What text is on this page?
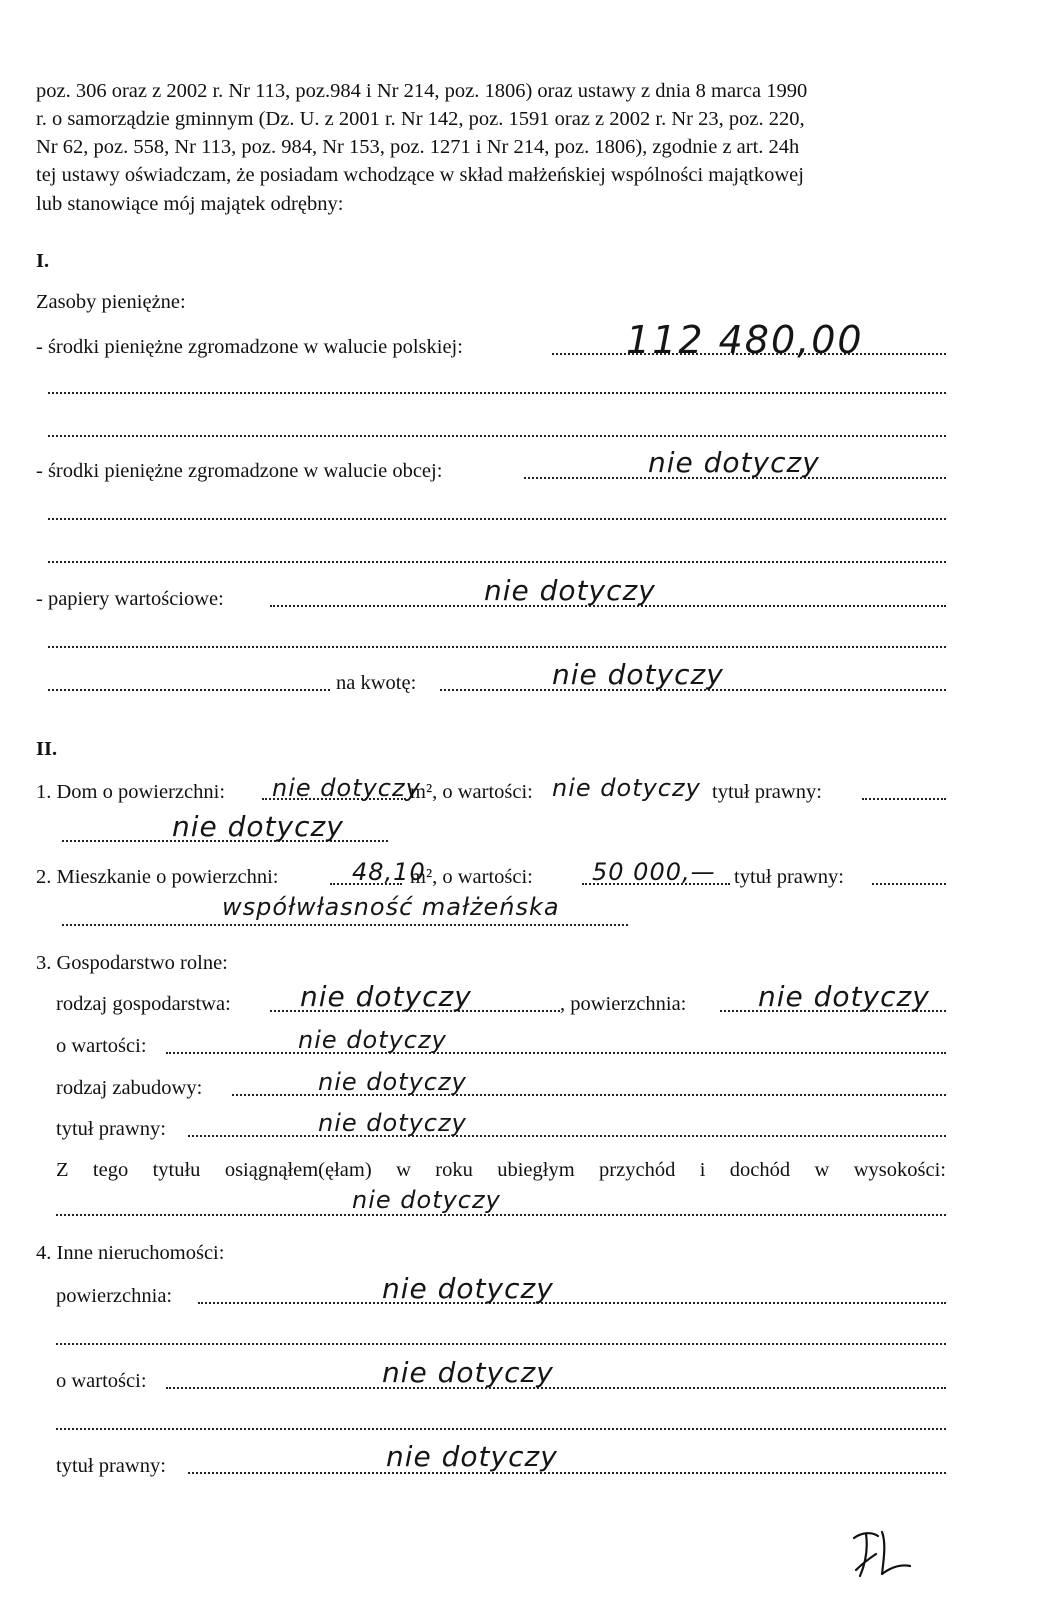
poz. 306 oraz z 2002 r. Nr 113, poz.984 i Nr 214, poz. 1806) oraz ustawy z dnia 8 marca 1990
r. o samorządzie gminnym (Dz. U. z 2001 r. Nr 142, poz. 1591 oraz z 2002 r. Nr 23, poz. 220,
Nr 62, poz. 558, Nr 113, poz. 984, Nr 153, poz. 1271 i Nr 214, poz. 1806), zgodnie z art. 24h
tej ustawy oświadczam, że posiadam wchodzące w skład małżeńskiej wspólności majątkowej
lub stanowiące mój majątek odrębny:
I.
Zasoby pieniężne:
- środki pieniężne zgromadzone w walucie polskiej:	112 480,00
- środki pieniężne zgromadzone w walucie obcej:	nie dotyczy
- papiery wartościowe:	nie dotyczy
na kwotę:	nie dotyczy
II.
1. Dom o powierzchni: nie dotyczy
m², o wartości: nie dotyczy tytuł prawny:
nie dotyczy
2. Mieszkanie o powierzchni:	48,10
m², o wartości: 50 000,— tytuł prawny:
współwłasność małżeńska
3. Gospodarstwo rolne:
rodzaj gospodarstwa: nie dotyczy	, powierzchnia:	nie dotyczy
o wartości:	nie dotyczy
rodzaj zabudowy:	nie dotyczy
tytuł prawny:	nie dotyczy
Z tego tytułu osiągnąłem(ęłam) w roku ubiegłym przychód i dochód w wysokości:
nie dotyczy
4. Inne nieruchomości:
powierzchnia:	nie dotyczy
o wartości:	nie dotyczy
tytuł prawny:	nie dotyczy
